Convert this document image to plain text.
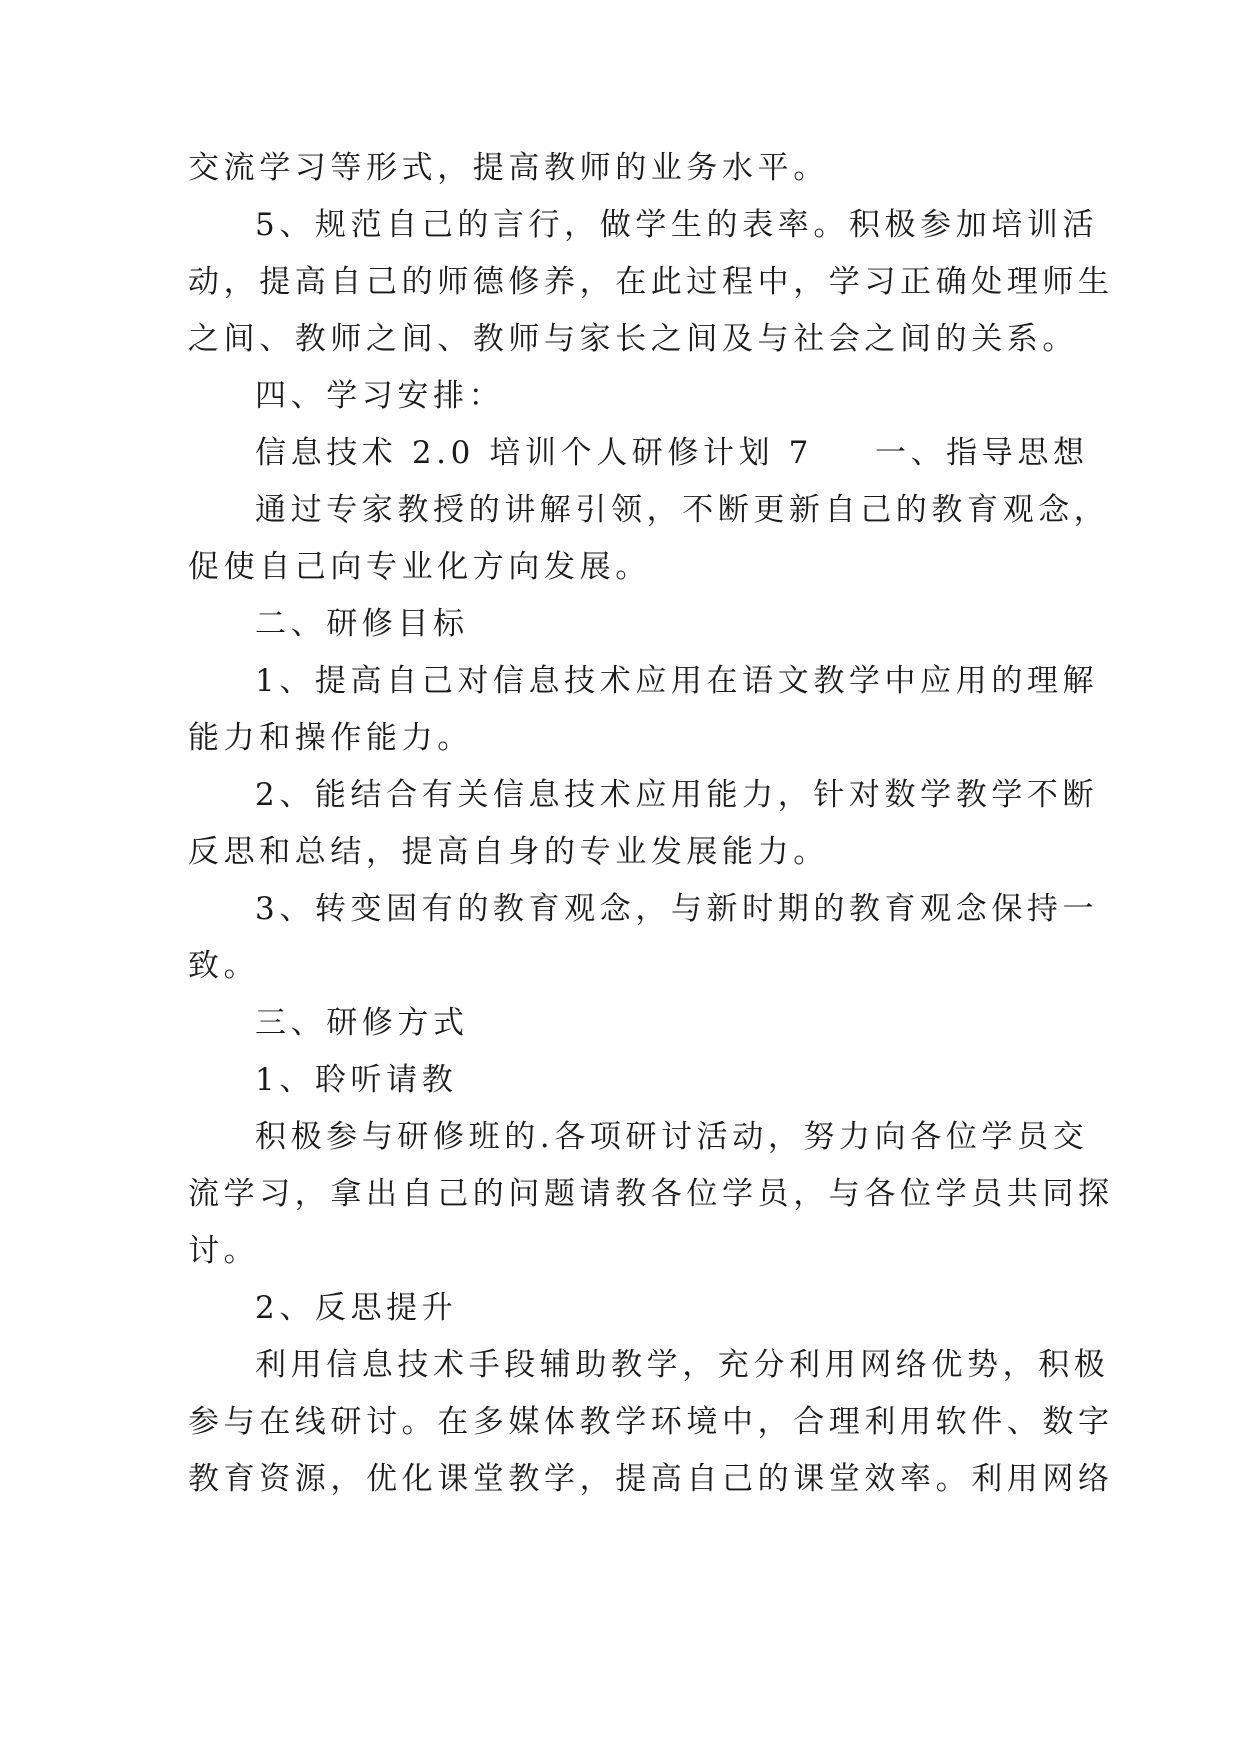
交流学习等形式，提高教师的业务水平。
5、规范自己的言行，做学生的表率。积极参加培训活
动，提高自己的师德修养，在此过程中，学习正确处理师生
之间、教师之间、教师与家长之间及与社会之间的关系。
四、学习安排：
信息技术 2.0 培训个人研修计划 7 一、指导思想
通过专家教授的讲解引领，不断更新自己的教育观念，
促使自己向专业化方向发展。
二、研修目标
1、提高自己对信息技术应用在语文教学中应用的理解
能力和操作能力。
2、能结合有关信息技术应用能力，针对数学教学不断
反思和总结，提高自身的专业发展能力。
3、转变固有的教育观念，与新时期的教育观念保持一
致。
三、研修方式
1、聆听请教
积极参与研修班的.各项研讨活动，努力向各位学员交
流学习，拿出自己的问题请教各位学员，与各位学员共同探
讨。
2、反思提升
利用信息技术手段辅助教学，充分利用网络优势，积极
参与在线研讨。在多媒体教学环境中，合理利用软件、数字
教育资源，优化课堂教学，提高自己的课堂效率。利用网络
